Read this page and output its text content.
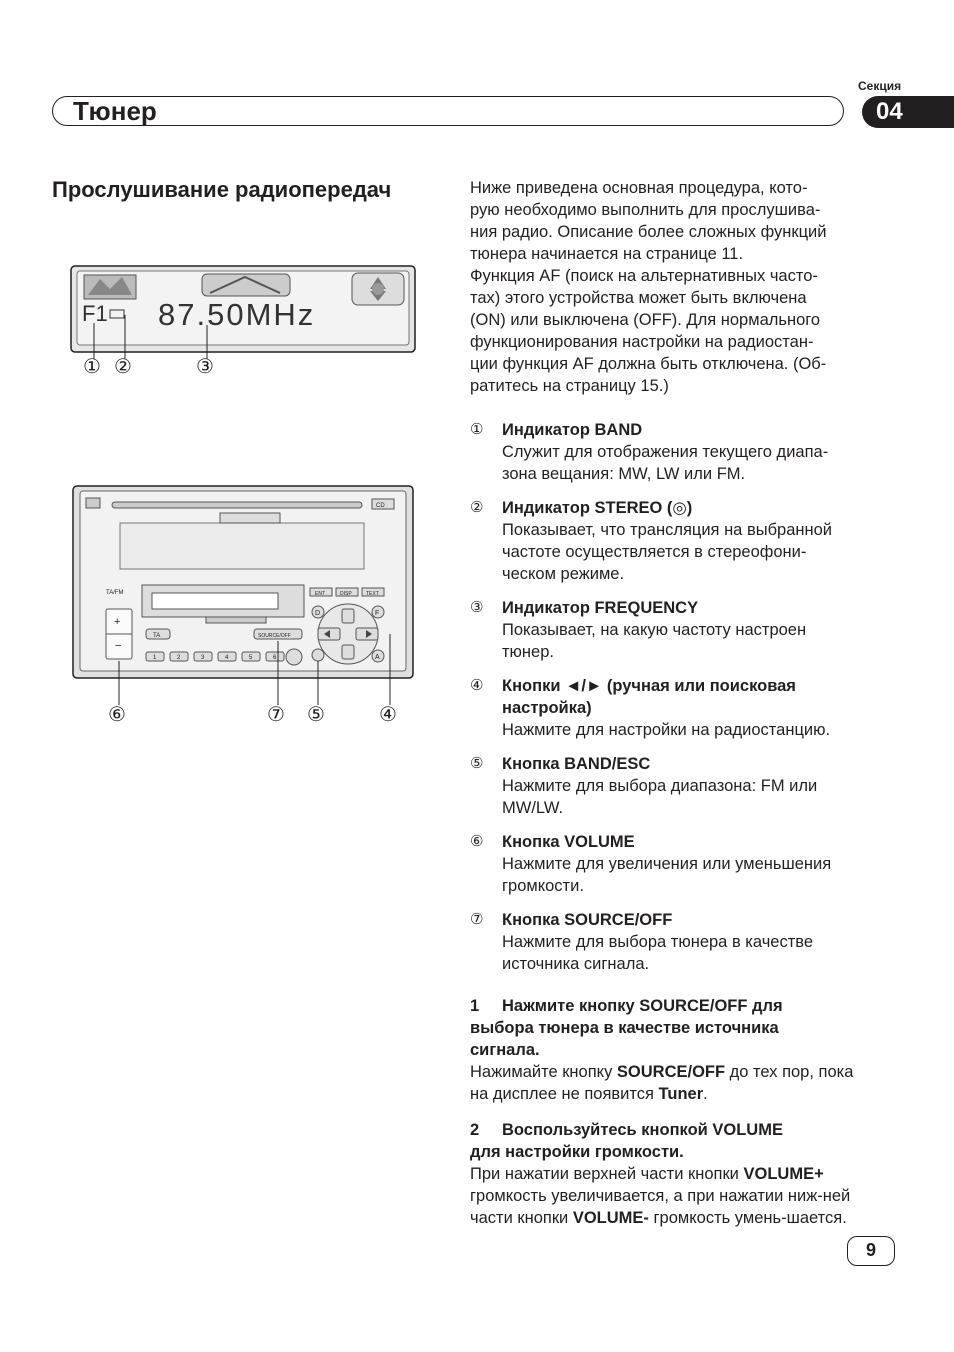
Секция
Тюнер	04
Прослушивание радиопередач
F1 87.50MHz
① ②	③
CD
TA/FM	ENT	DISP	TEXT
+
−
TA	SOURCE/OFF
1	2	3	4	5	6
D	F
A
⑥	⑦ ⑤	④

Ниже приведена основная процедура, кото-
рую необходимо выполнить для прослушива-
ния радио. Описание более сложных функций
тюнера начинается на странице 11.
Функция AF (поиск на альтернативных часто-
тах) этого устройства может быть включена
(ON) или выключена (OFF). Для нормального
функционирования настройки на радиостан-
ции функция AF должна быть отключена. (Об-
ратитесь на страницу 15.)

① Индикатор BAND
Служит для отображения текущего диапа-
зона вещания: MW, LW или FM.
② Индикатор STEREO (◎)
Показывает, что трансляция на выбранной
частоте осуществляется в стереофони-
ческом режиме.
③ Индикатор FREQUENCY
Показывает, на какую частоту настроен
тюнер.
④ Кнопки ◄/► (ручная или поисковая настройка)
Нажмите для настройки на радиостанцию.
⑤ Кнопка BAND/ESC
Нажмите для выбора диапазона: FM или
MW/LW.
⑥ Кнопка VOLUME
Нажмите для увеличения или уменьшения
громкости.
⑦ Кнопка SOURCE/OFF
Нажмите для выбора тюнера в качестве
источника сигнала.
1 Нажмите кнопку SOURCE/OFF для
выбора тюнера в качестве источника
сигнала.

Нажимайте кнопку SOURCE/OFF до тех пор, пока на дисплее не появится Tuner.

2 Воспользуйтесь кнопкой VOLUME
для настройки громкости.

При нажатии верхней части кнопки VOLUME+ громкость увеличивается, а при нажатии ниж-ней части кнопки VOLUME- громкость умень-шается.

9
